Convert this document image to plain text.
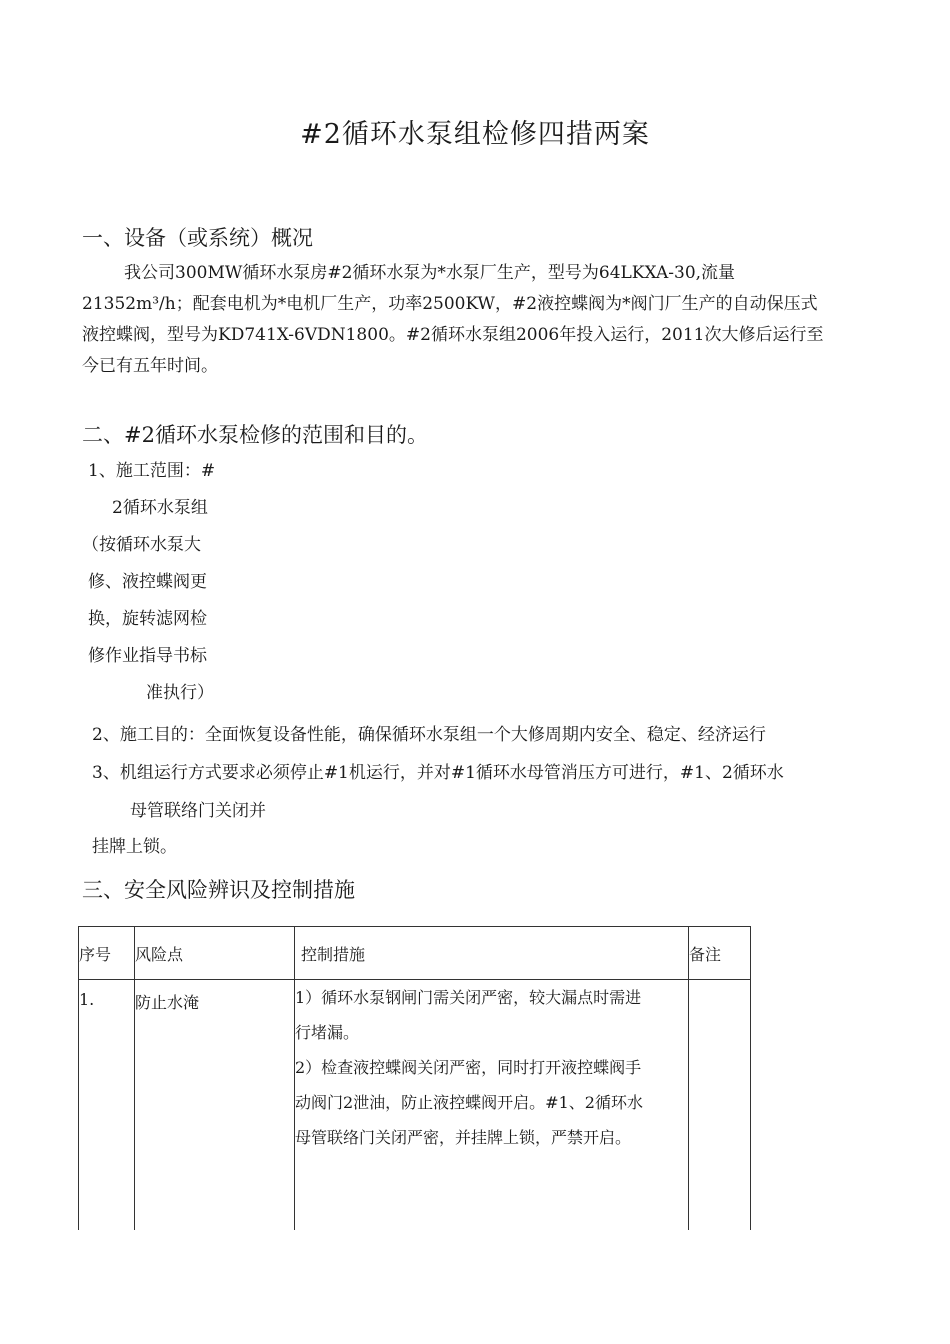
#2循环水泵组检修四措两案
一、设备（或系统）概况
我公司300MW循环水泵房#2循环水泵为*水泵厂生产，型号为64LKXA-30,流量
21352m³/h；配套电机为*电机厂生产，功率2500KW，#2液控蝶阀为*阀门厂生产的自动保压式
液控蝶阀，型号为KD741X-6VDN1800。#2循环水泵组2006年投入运行，2011次大修后运行至
今已有五年时间。
二、#2循环水泵检修的范围和目的。
1、施工范围：#
2循环水泵组
（按循环水泵大
修、液控蝶阀更
换，旋转滤网检
修作业指导书标
准执行）
2、施工目的：全面恢复设备性能，确保循环水泵组一个大修周期内安全、稳定、经济运行
3、机组运行方式要求必须停止#1机运行，并对#1循环水母管消压方可进行，#1、2循环水
母管联络门关闭并
挂牌上锁。
三、安全风险辨识及控制措施
序号	风险点	控制措施	备注
1.	防止水淹	1）循环水泵钢闸门需关闭严密，较大漏点时需进
行堵漏。
2）检查液控蝶阀关闭严密，同时打开液控蝶阀手
动阀门2泄油，防止液控蝶阀开启。#1、2循环水
母管联络门关闭严密，并挂牌上锁，严禁开启。	
